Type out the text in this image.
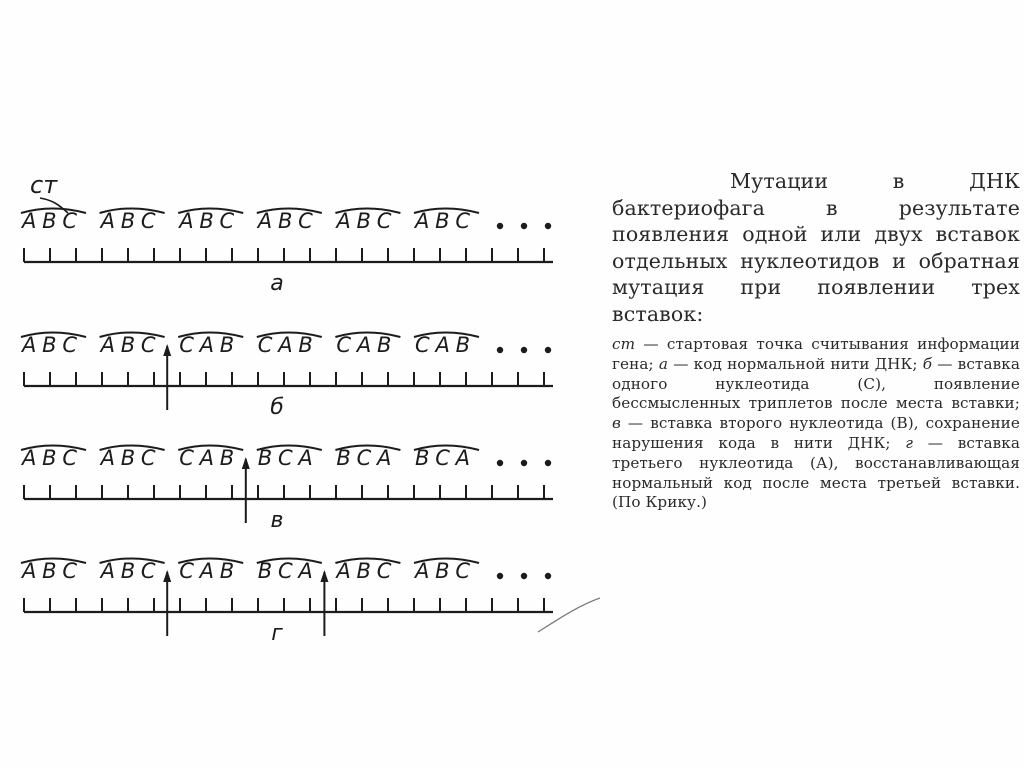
ст
ABC ABC ABC ABC ABC ABC
а
ABC ABC CAB CAB CAB CAB
б
ABC ABC CAB BCA BCA BCA
в
ABC ABC CAB BCA ABC ABC
г

Мутации в ДНК бактериофага в результате появления одной или двух вставок отдельных нуклеотидов и обратная мутация при появлении трех вставок:

ст — стартовая точка считывания информации гена; а — код нормальной нити ДНК; б — вставка одного нуклеотида (С), появление бессмысленных триплетов после места вставки; в — вставка второго нуклеотида (В), сохранение нарушения кода в нити ДНК; г — вставка третьего нуклеотида (А), восстанавливающая нормальный код после места третьей вставки. (По Крику.)
